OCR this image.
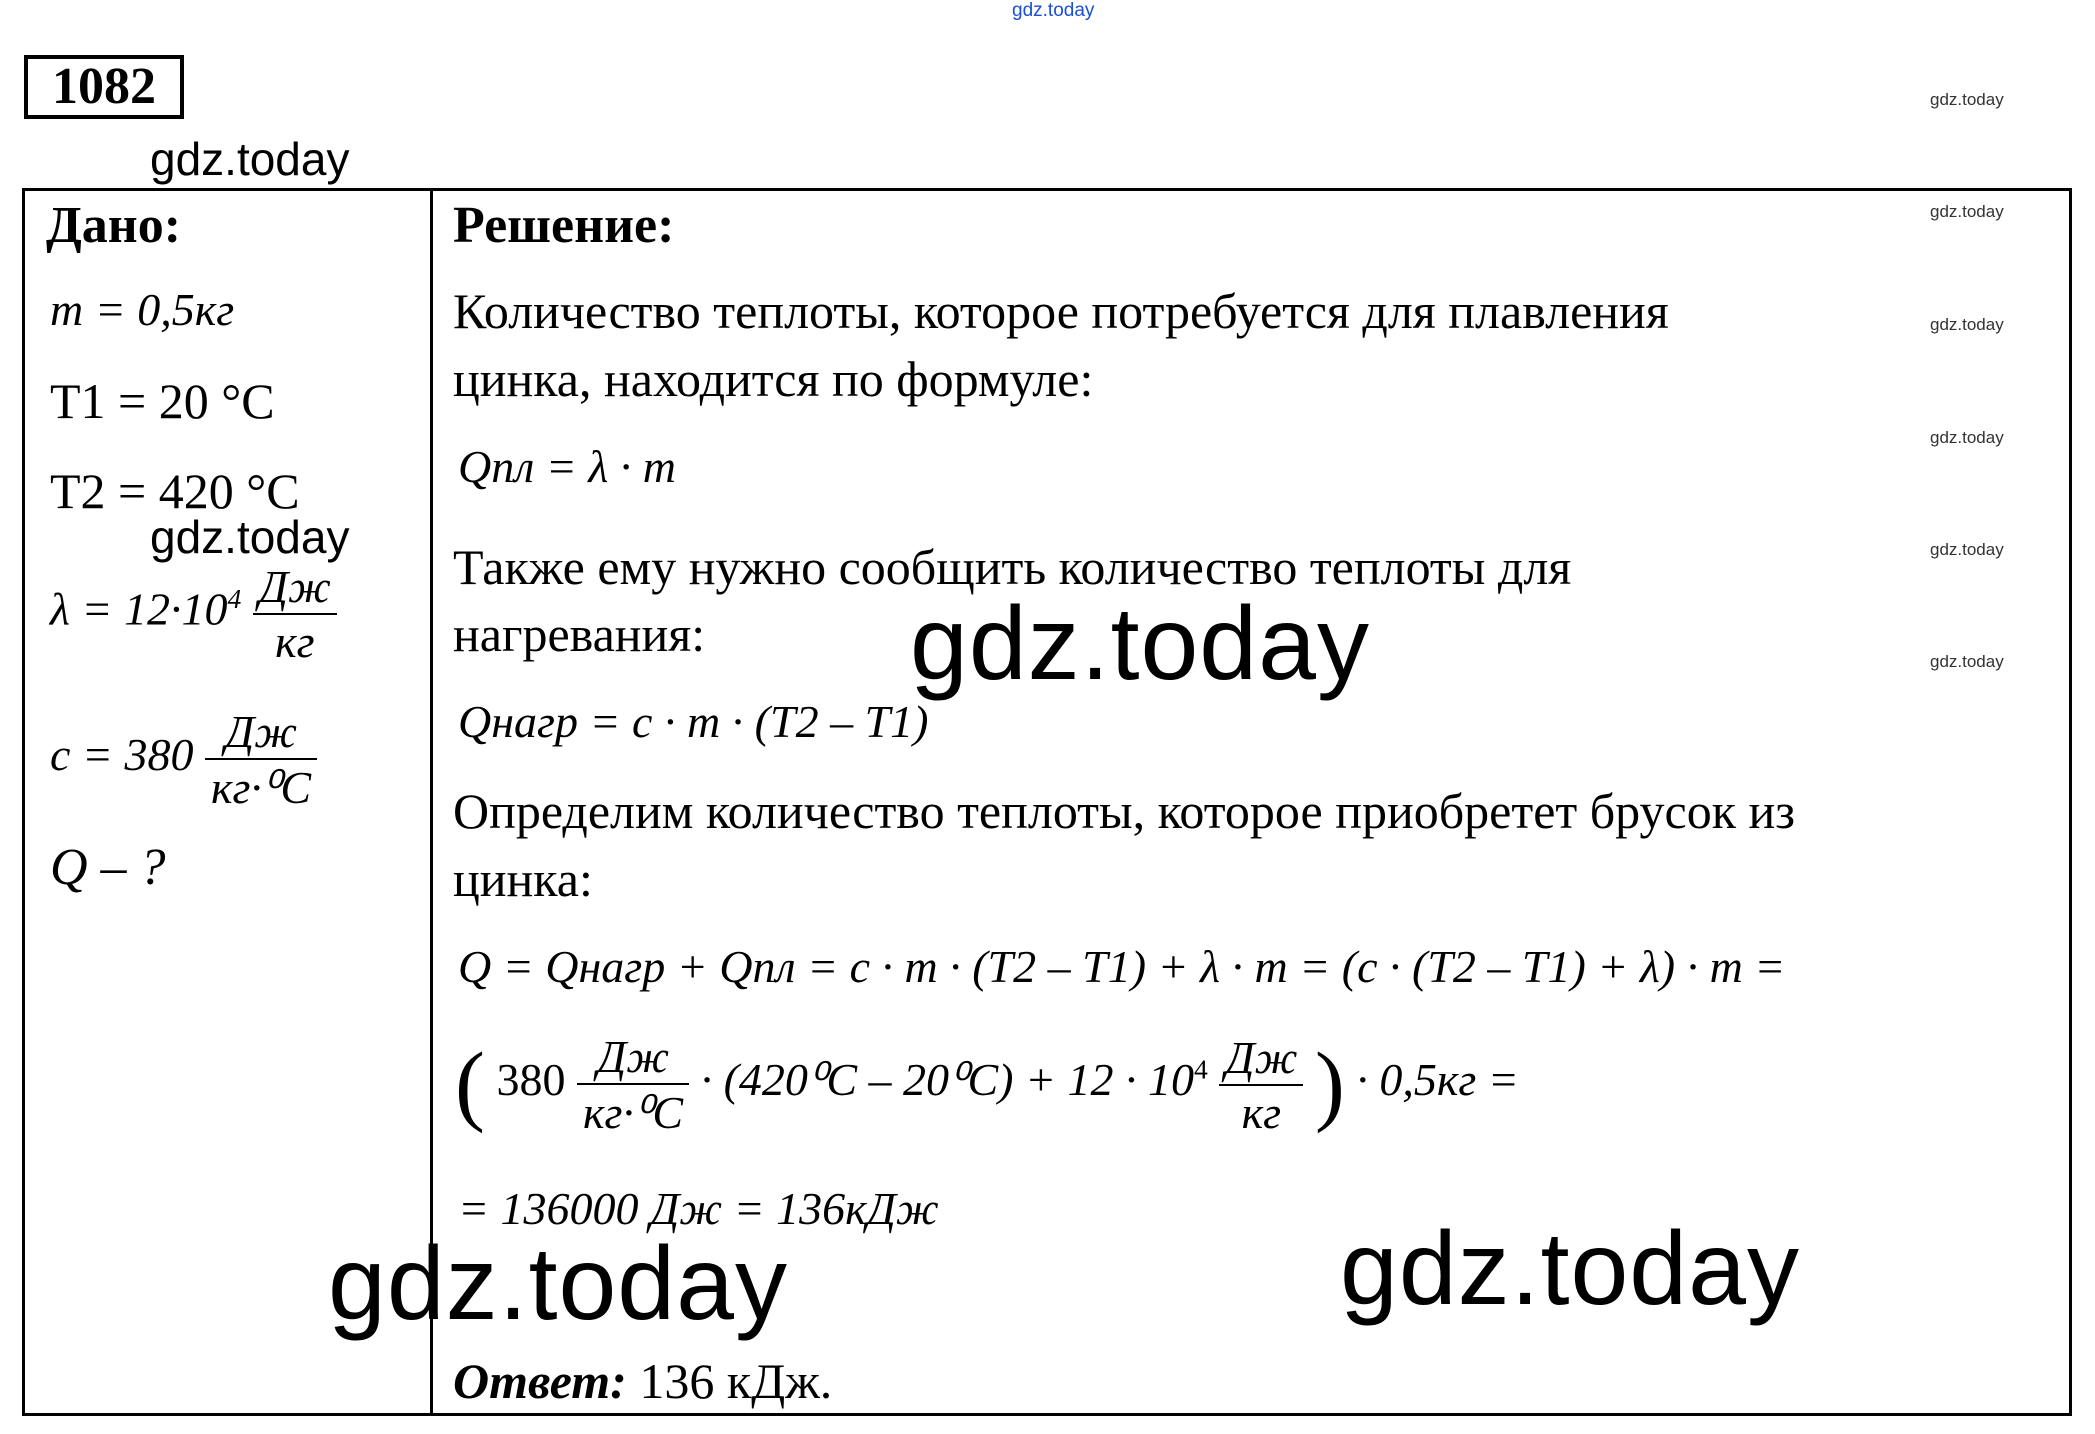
gdz.today
gdz.today
gdz.today
gdz.today
gdz.today
gdz.today
gdz.today
1082
gdz.today
Дано:
m = 0,5кг
T1 = 20 °C
T2 = 420 °C
gdz.today
$\lambda = 12\cdot 10^4 \frac{Дж}{кг}$
$c = 380 \frac{Дж}{\text{кг·⁰C}}$
Q – ?
Решение:
Количество теплоты, которое потребуется для плавления
цинка, находится по формуле:
Qпл = λ · m
Также ему нужно сообщить количество теплоты для
нагревания:
Qнагр = c · m · (T2 – T1)
Определим количество теплоты, которое приобретет брусок из
цинка:
Q = Qнагр + Qпл = c · m · (T2 – T1) + λ · m = (c · (T2 – T1) + λ) · m =
( $380 \frac{Дж}{\text{кг·⁰C}} \cdot (420^0C - 20^0C) + 12 \cdot 10^4 \frac{Дж}{кг}$ ) · 0,5кг =
= 136000 Дж = 136кДж
gdz.today
gdz.today	gdz.today
Ответ: 136 кДж.
